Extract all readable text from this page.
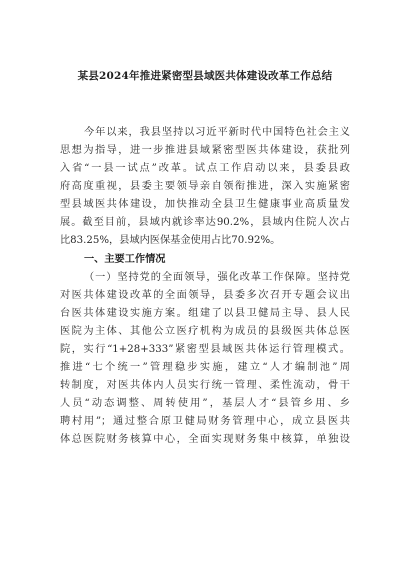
某县2024年推进紧密型县域医共体建设改革工作总结
今年以来，我县坚持以习近平新时代中国特色社会主义
思想为指导，进一步推进县域紧密型医共体建设，获批列
入省“一县一试点”改革。试点工作启动以来，县委县政
府高度重视，县委主要领导亲自领衔推进，深入实施紧密
型县域医共体建设，加快推动全县卫生健康事业高质量发
展。截至目前，县域内就诊率达90.2%，县域内住院人次占
比83.25%，县域内医保基金使用占比70.92%。
一、主要工作情况
（一）坚持党的全面领导，强化改革工作保障。坚持党
对医共体建设改革的全面领导，县委多次召开专题会议出
台医共体建设实施方案。组建了以县卫健局主导、县人民
医院为主体、其他公立医疗机构为成员的县级医共体总医
院，实行“1+28+333”紧密型县域医共体运行管理模式。
推进“七个统一”管理稳步实施，建立“人才编制池”周
转制度，对医共体内人员实行统一管理、柔性流动，骨干
人员“动态调整、周转使用”，基层人才“县管乡用、乡
聘村用”；通过整合原卫健局财务管理中心，成立县医共
体总医院财务核算中心，全面实现财务集中核算，单独设
